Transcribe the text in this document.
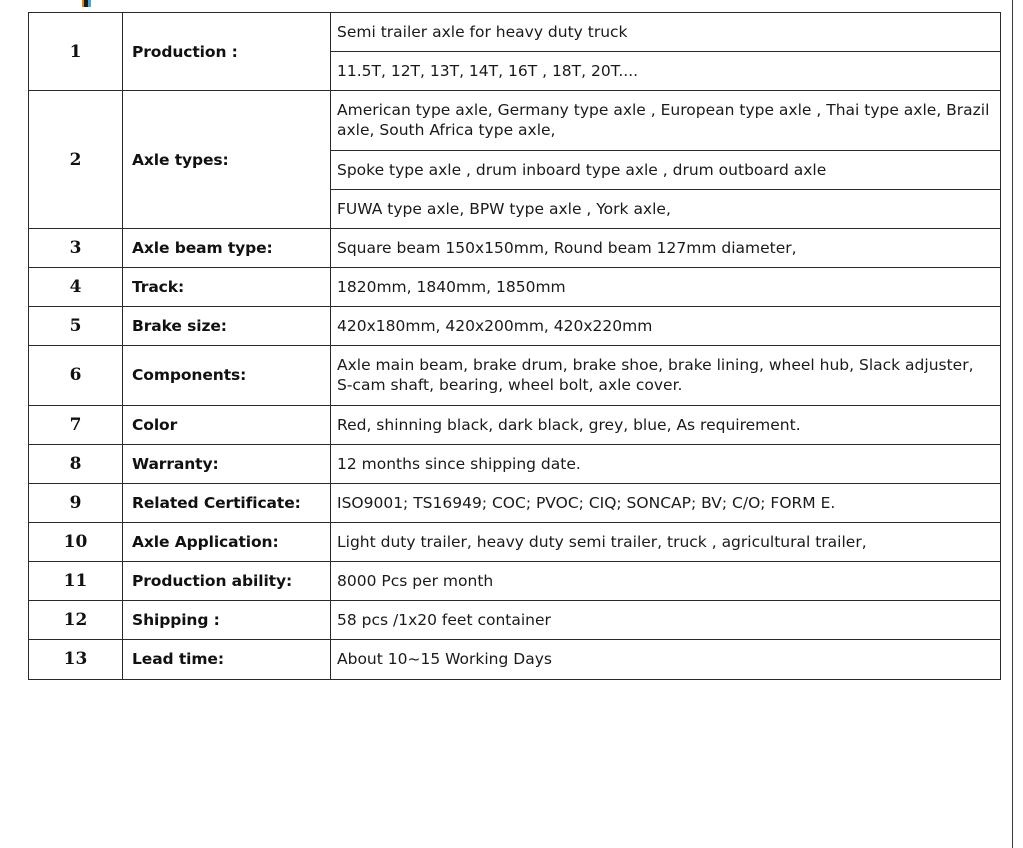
1	Production :	
Semi trailer axle for heavy duty truck
11.5T, 12T, 13T, 14T, 16T , 18T, 20T....

2	Axle types:	
American type axle, Germany type axle , European type axle , Thai type axle, Brazil axle, South Africa type axle,
Spoke type axle , drum inboard type axle , drum outboard axle
FUWA type axle, BPW type axle , York axle,

3	Axle beam type:	Square beam 150x150mm, Round beam 127mm diameter,
4	Track:	1820mm, 1840mm, 1850mm
5	Brake size:	420x180mm, 420x200mm, 420x220mm
6	Components:	Axle main beam, brake drum, brake shoe, brake lining, wheel hub, Slack adjuster, S-cam shaft, bearing, wheel bolt, axle cover.
7	Color	Red, shinning black, dark black, grey, blue, As requirement.
8	Warranty:	12 months since shipping date.
9	Related Certificate:	ISO9001; TS16949; COC; PVOC; CIQ; SONCAP; BV; C/O; FORM E.
10	Axle Application:	Light duty trailer, heavy duty semi trailer, truck , agricultural trailer,
11	Production ability:	8000 Pcs per month
12	Shipping :	58 pcs /1x20 feet container
13	Lead time:	About 10~15 Working Days
